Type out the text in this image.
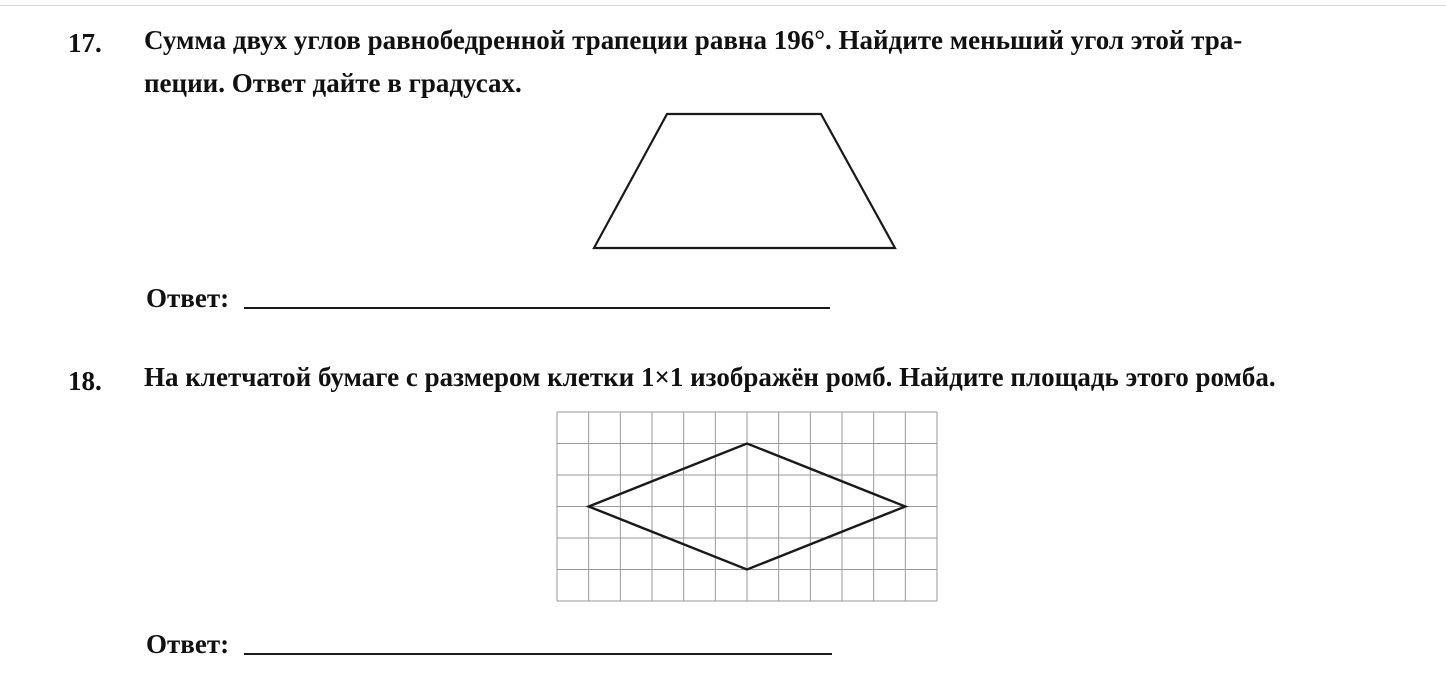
17. Сумма двух углов равнобедренной трапеции равна 196°. Найдите меньший угол этой тра-
пеции. Ответ дайте в градусах.
Ответ:
18. На клетчатой бумаге с размером клетки 1×1 изображён ромб. Найдите площадь этого ромба.
Ответ:
